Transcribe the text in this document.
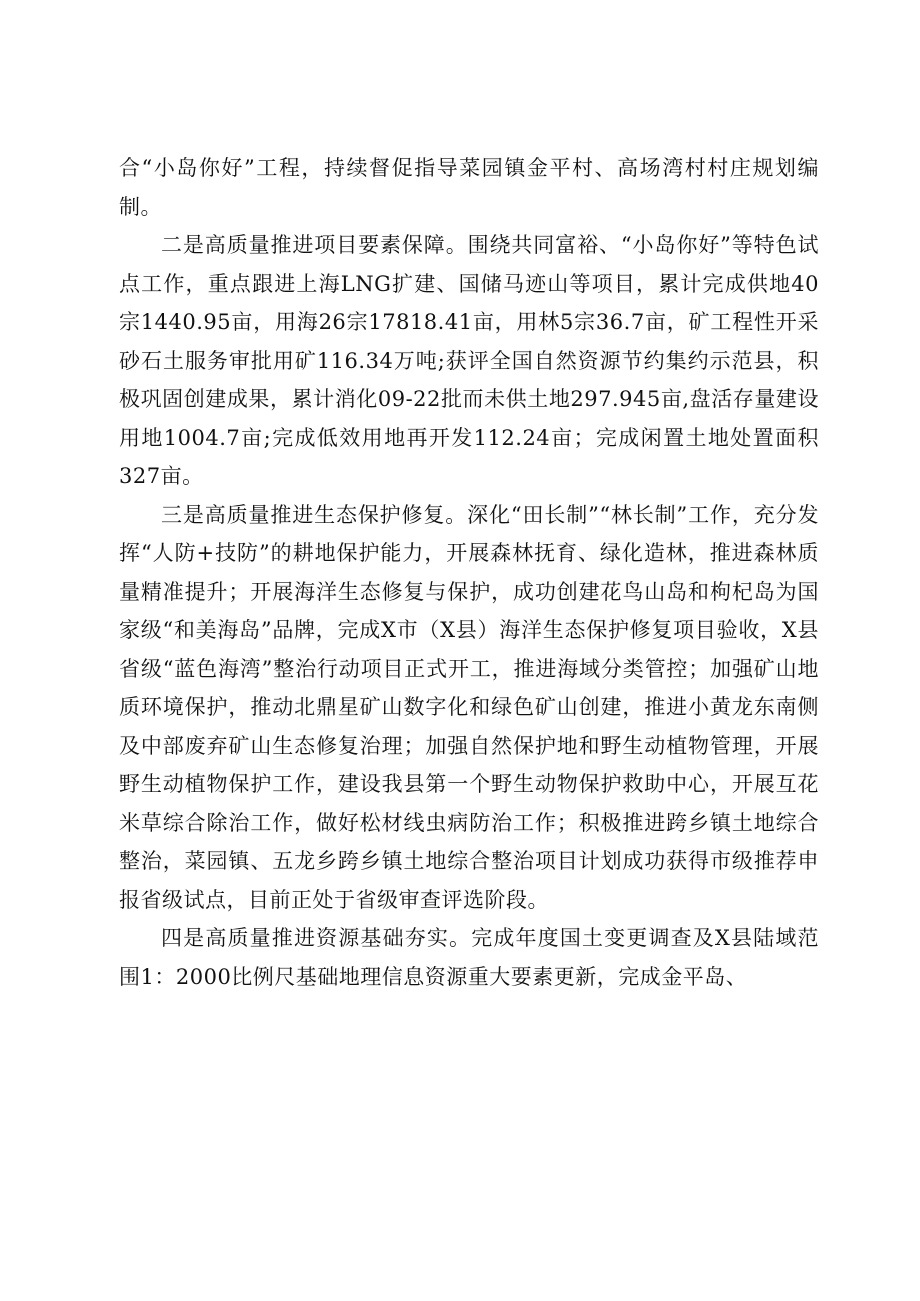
合“小岛你好”工程，持续督促指导菜园镇金平村、高场湾村村庄规划编制。

二是高质量推进项目要素保障。围绕共同富裕、“小岛你好”等特色试点工作，重点跟进上海LNG扩建、国储马迹山等项目，累计完成供地40宗1440.95亩，用海26宗17818.41亩，用林5宗36.7亩，矿工程性开采砂石土服务审批用矿116.34万吨;获评全国自然资源节约集约示范县，积极巩固创建成果，累计消化09-22批而未供土地297.945亩,盘活存量建设用地1004.7亩;完成低效用地再开发112.24亩；完成闲置土地处置面积327亩。

三是高质量推进生态保护修复。深化“田长制”“林长制”工作，充分发挥“人防+技防”的耕地保护能力，开展森林抚育、绿化造林，推进森林质量精准提升；开展海洋生态修复与保护，成功创建花鸟山岛和枸杞岛为国家级“和美海岛”品牌，完成X市（X县）海洋生态保护修复项目验收，X县省级“蓝色海湾”整治行动项目正式开工，推进海域分类管控；加强矿山地质环境保护，推动北鼎星矿山数字化和绿色矿山创建，推进小黄龙东南侧及中部废弃矿山生态修复治理；加强自然保护地和野生动植物管理，开展野生动植物保护工作，建设我县第一个野生动物保护救助中心，开展互花米草综合除治工作，做好松材线虫病防治工作；积极推进跨乡镇土地综合整治，菜园镇、五龙乡跨乡镇土地综合整治项目计划成功获得市级推荐申报省级试点，目前正处于省级审查评选阶段。

四是高质量推进资源基础夯实。完成年度国土变更调查及X县陆域范围1：2000比例尺基础地理信息资源重大要素更新，完成金平岛、
